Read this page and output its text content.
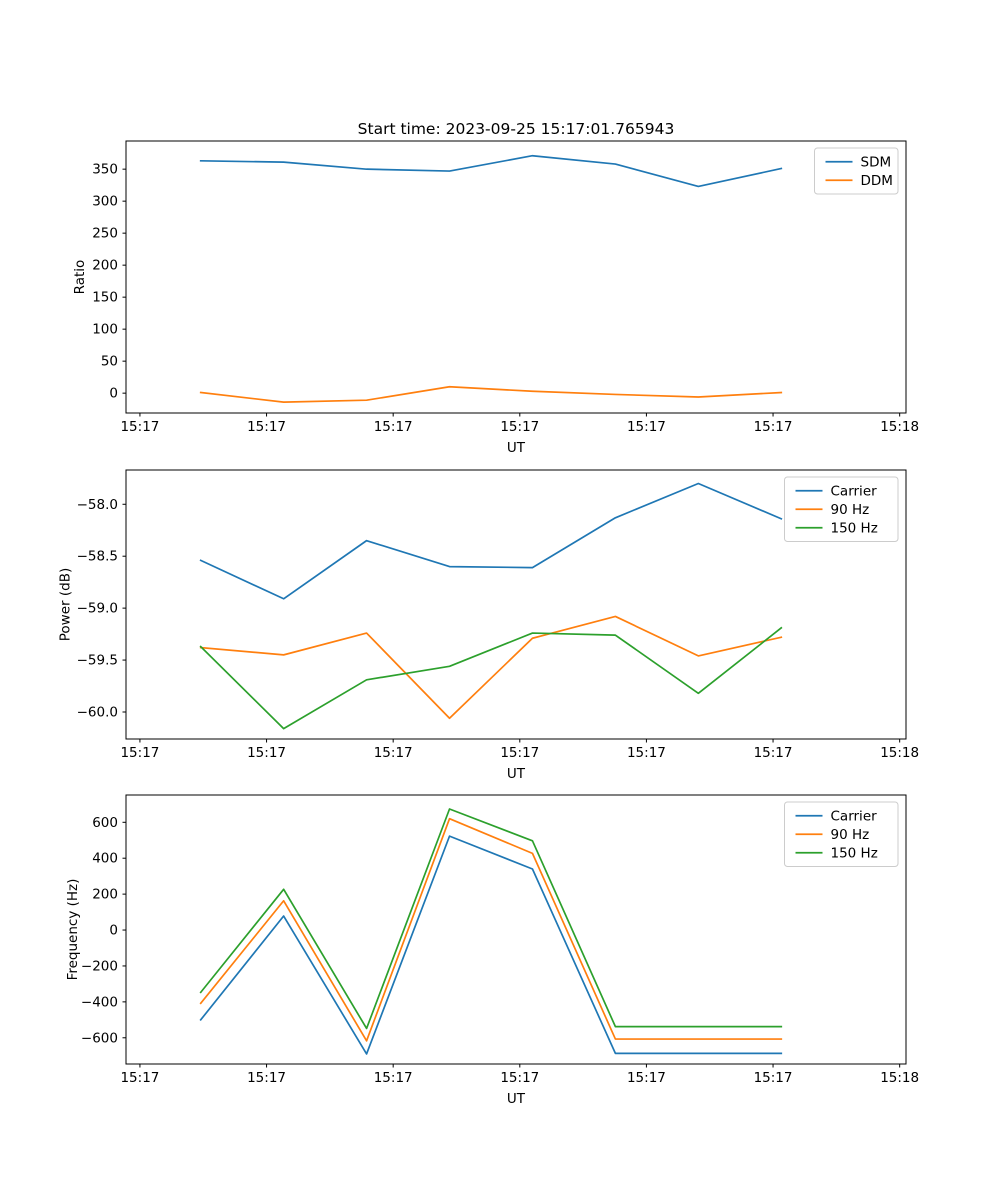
Start time: 2023-09-25 15:17:01.765943
15:17	15:17	15:17	15:17	15:17	15:17	15:18
0
50
100
150
200
250
300
350
UT
Ratio
SDM
DDM
15:17	15:17	15:17	15:17	15:17	15:17	15:18
−58.0
−58.5
−59.0
−59.5
−60.0
UT
Power (dB)
Carrier
90 Hz
150 Hz
15:17	15:17	15:17	15:17	15:17	15:17	15:18
600
400
200
0
−200
−400
−600
UT
Frequency (Hz)
Carrier
90 Hz
150 Hz
